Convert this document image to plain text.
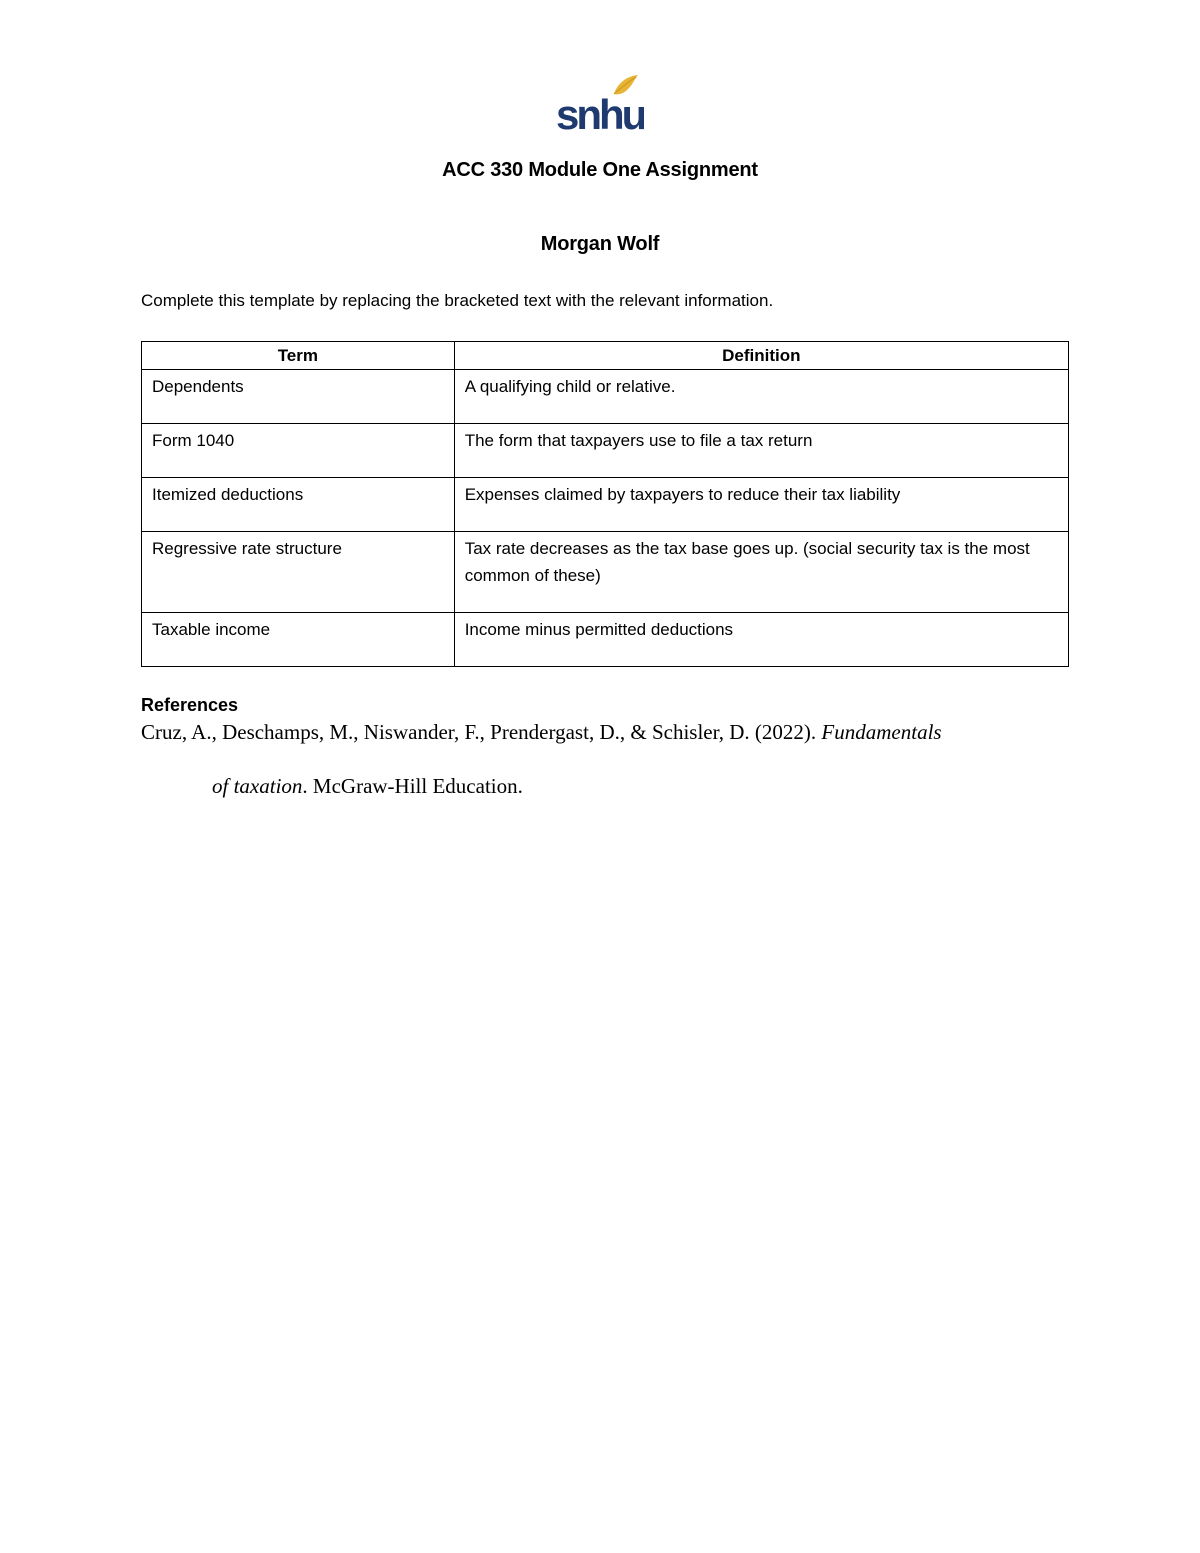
snhu
ACC 330 Module One Assignment
Morgan Wolf
Complete this template by replacing the bracketed text with the relevant information.
Term	Definition
Dependents	A qualifying child or relative.
Form 1040	The form that taxpayers use to file a tax return
Itemized deductions	Expenses claimed by taxpayers to reduce their tax liability
Regressive rate structure	Tax rate decreases as the tax base goes up. (social security tax is the most common of these)
Taxable income	Income minus permitted deductions
References
Cruz, A., Deschamps, M., Niswander, F., Prendergast, D., & Schisler, D. (2022). Fundamentals
of taxation. McGraw-Hill Education.
